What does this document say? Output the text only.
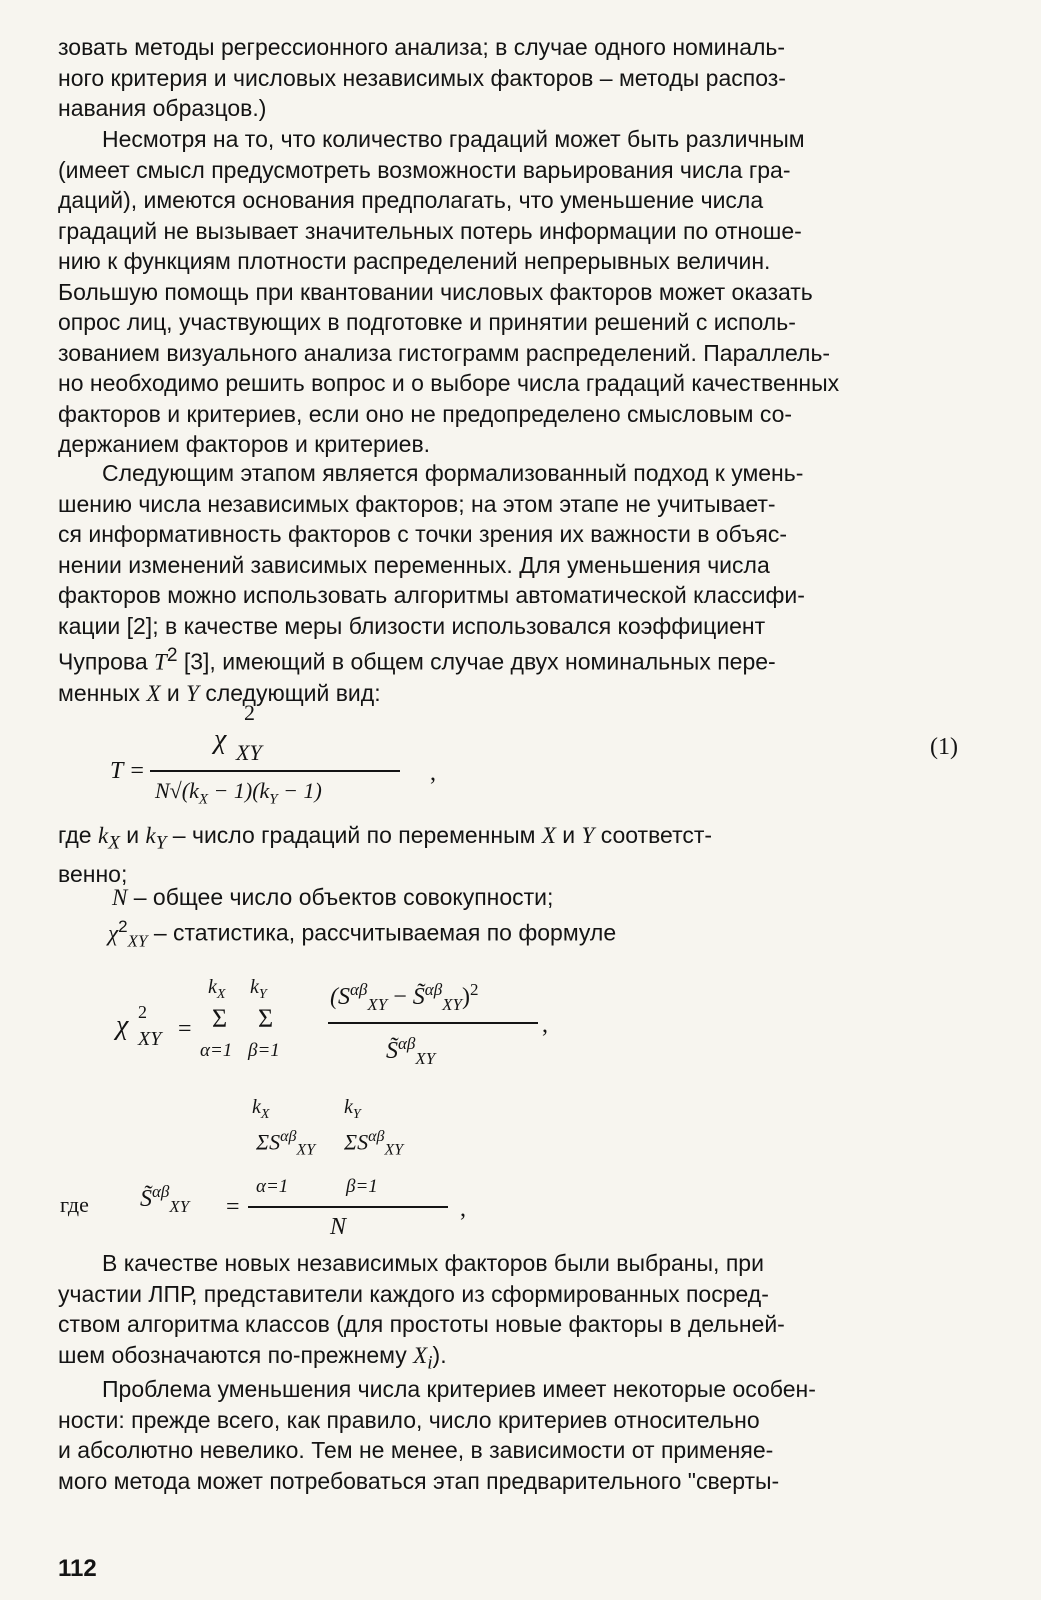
зовать методы регрессионного анализа; в случае одного номиналь-
ного критерия и числовых независимых факторов – методы распоз-
навания образцов.)
Несмотря на то, что количество градаций может быть различным
(имеет смысл предусмотреть возможности варьирования числа гра-
даций), имеются основания предполагать, что уменьшение числа
градаций не вызывает значительных потерь информации по отноше-
нию к функциям плотности распределений непрерывных величин.
Большую помощь при квантовании числовых факторов может оказать
опрос лиц, участвующих в подготовке и принятии решений с исполь-
зованием визуального анализа гистограмм распределений. Параллель-
но необходимо решить вопрос и о выборе числа градаций качественных
факторов и критериев, если оно не предопределено смысловым со-
держанием факторов и критериев.
Следующим этапом является формализованный подход к умень-
шению числа независимых факторов; на этом этапе не учитывает-
ся информативность факторов с точки зрения их важности в объяс-
нении изменений зависимых переменных. Для уменьшения числа
факторов можно использовать алгоритмы автоматической классифи-
кации [2]; в качестве меры близости использовался коэффициент
Чупрова $T^2$ [3], имеющий в общем случае двух номинальных пере-
менных X и Y следующий вид:
2
χ XY
T =
$N√(k_X - 1)(k_Y - 1)$
,
(1)
где $k_X$ и $k_Y$ – число градаций по переменным X и Y соответст-
венно;
N – общее число объектов совокупности;
$\chi^2_{XY}$ – статистика, рассчитываемая по формуле
χ 2
XY =
$k_X$ $k_Y$
Σ Σ
α=1 β=1
($S^{\alpha\beta}_{XY}$ − S̃$^{\alpha\beta}_{XY}$)$^2$
S̃$^{\alpha\beta}_{XY}$
,
где S̃$^{\alpha\beta}_{XY}$ =
$k_X$	$k_Y$
$\Sigma S^{\alpha\beta}_{XY}$ $\Sigma S^{\alpha\beta}_{XY}$
α=1	β=1
N
,
В качестве новых независимых факторов были выбраны, при
участии ЛПР, представители каждого из сформированных посред-
ством алгоритма классов (для простоты новые факторы в дельней-
шем обозначаются по-прежнему $X_i$).
Проблема уменьшения числа критериев имеет некоторые особен-
ности: прежде всего, как правило, число критериев относительно
и абсолютно невелико. Тем не менее, в зависимости от применяе-
мого метода может потребоваться этап предварительного "сверты-
112
